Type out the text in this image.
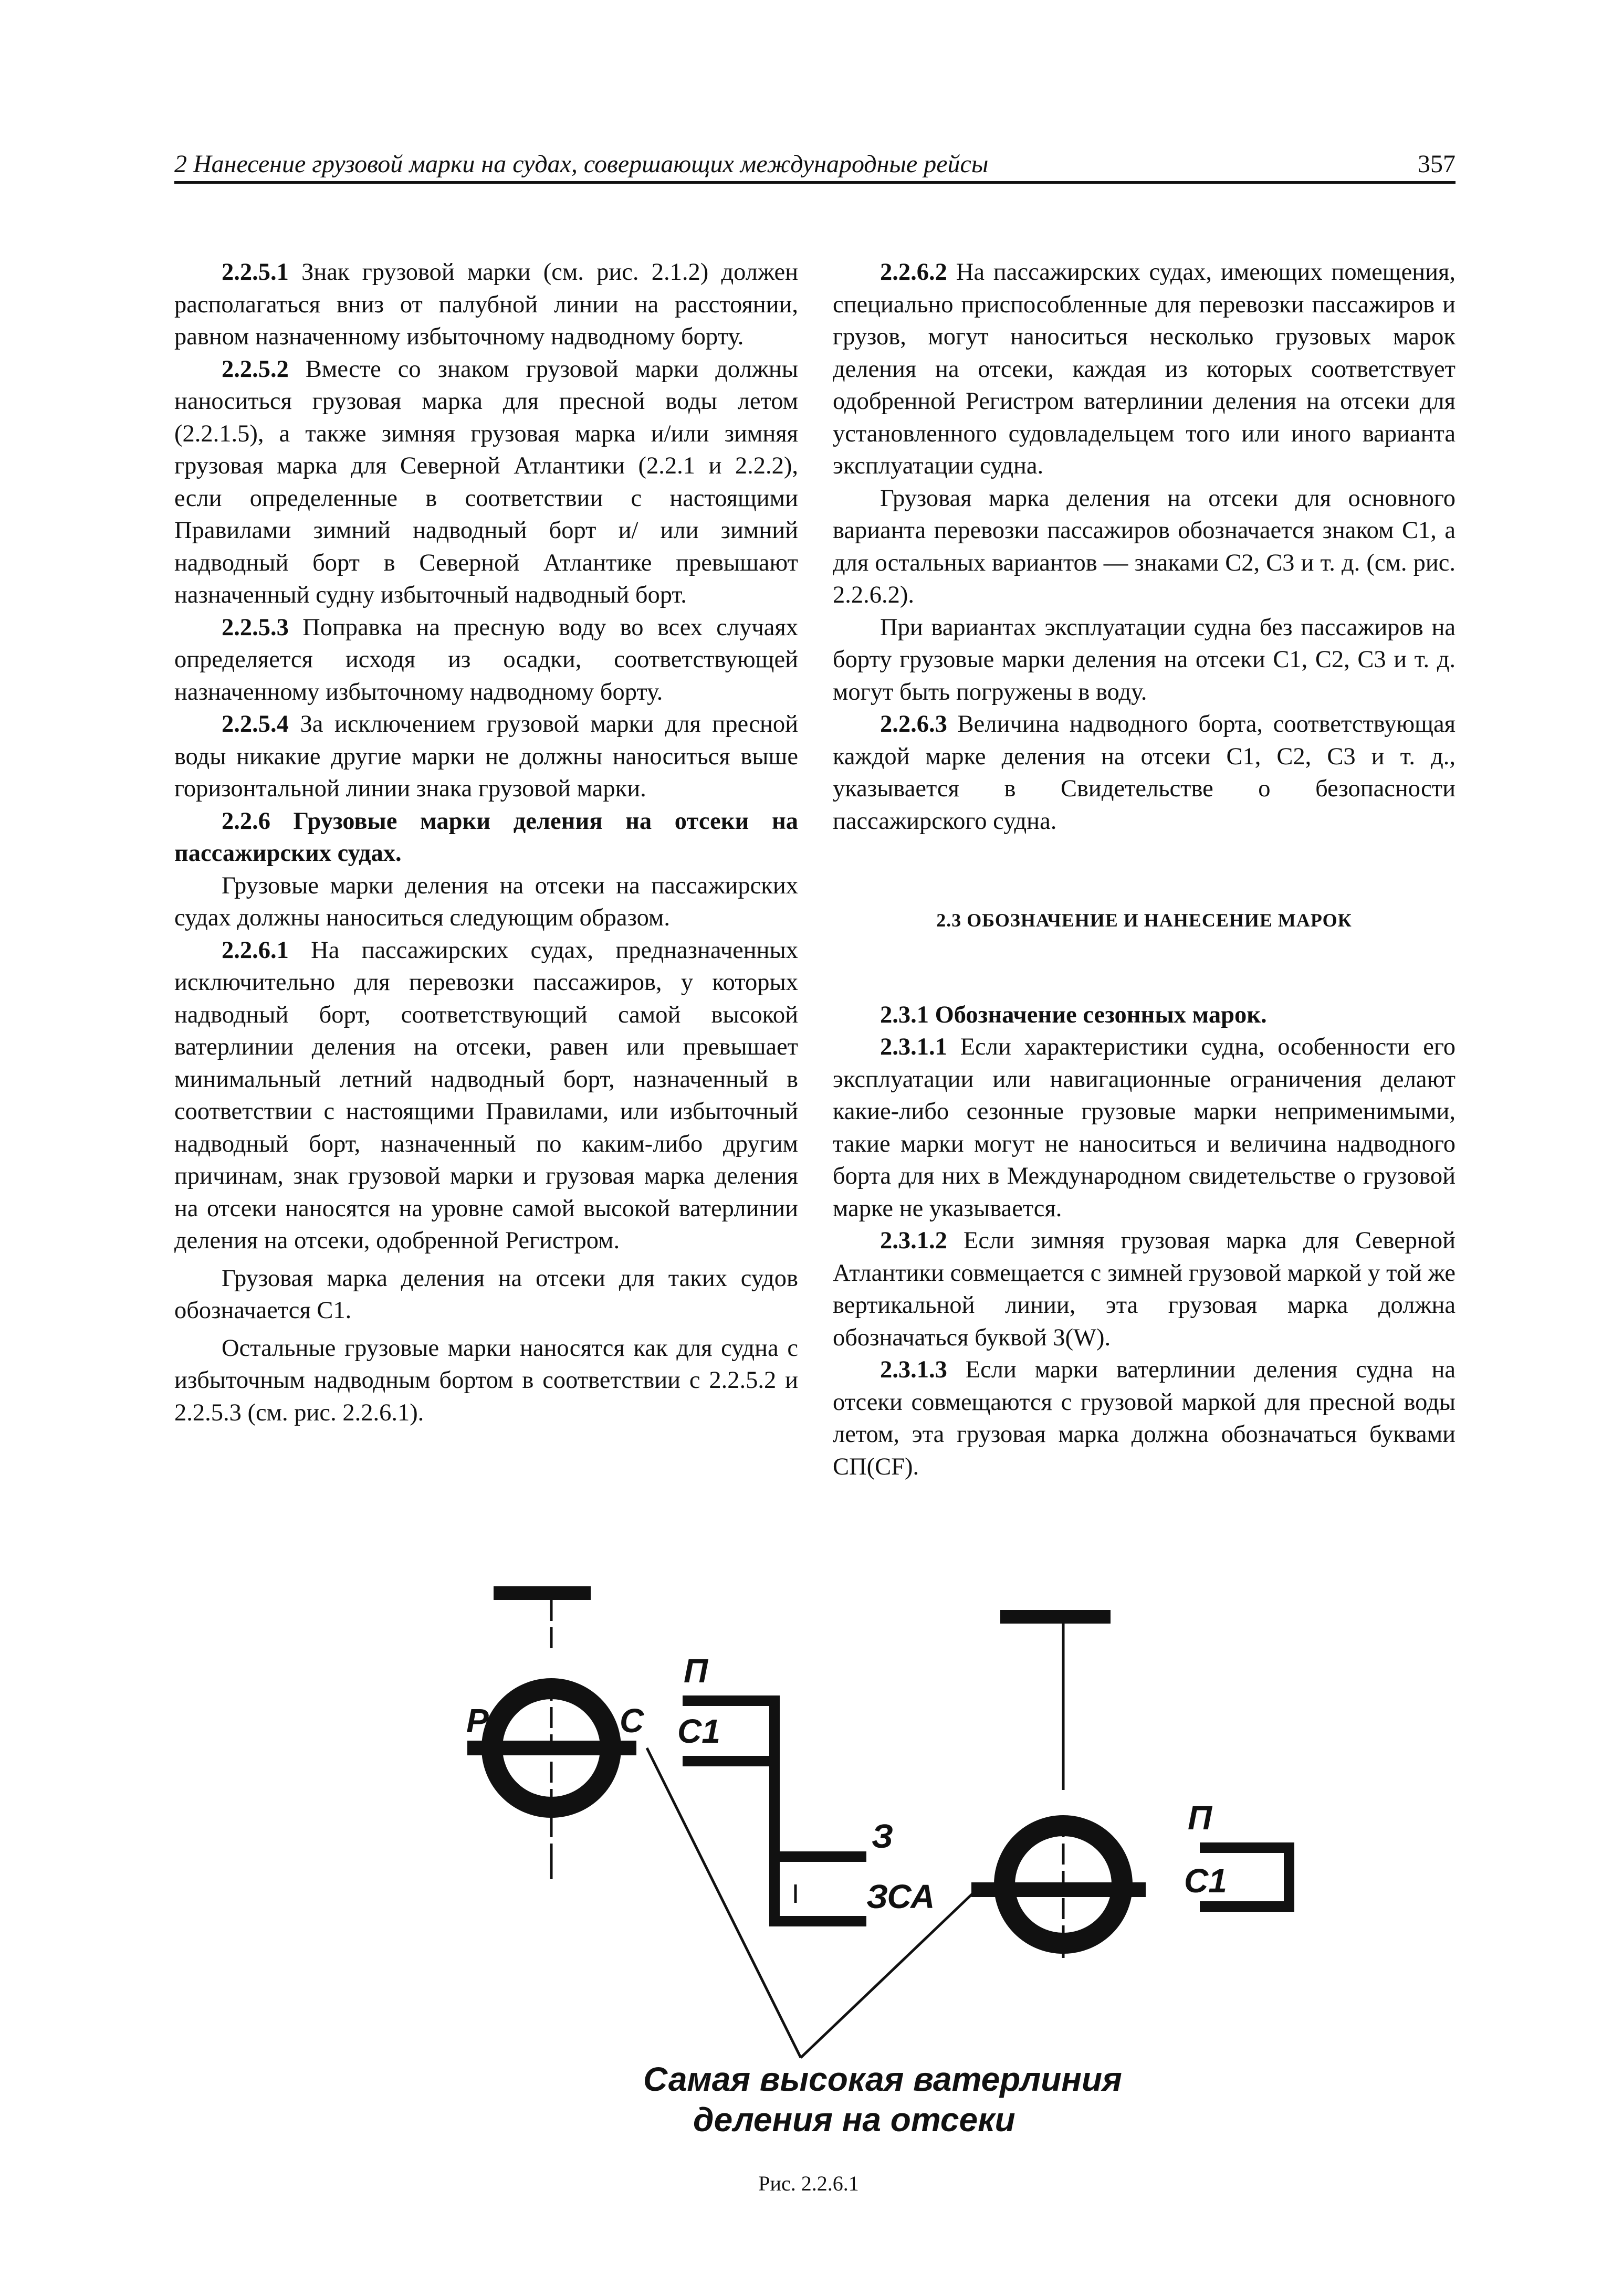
2 Нанесение грузовой марки на судах, совершающих международные рейсы	357

2.2.5.1 Знак грузовой марки (см. рис. 2.1.2) должен располагаться вниз от палубной линии на расстоянии, равном назначенному избыточному надводному борту.

2.2.5.2 Вместе со знаком грузовой марки должны наноситься грузовая марка для пресной воды летом (2.2.1.5), а также зимняя грузовая марка и/или зимняя грузовая марка для Северной Атлантики (2.2.1 и 2.2.2), если определенные в соответствии с настоящими Правилами зимний надводный борт и/ или зимний надводный борт в Северной Атлантике превышают назначенный судну избыточный надводный борт.

2.2.5.3 Поправка на пресную воду во всех случаях определяется исходя из осадки, соответствующей назначенному избыточному надводному борту.

2.2.5.4 За исключением грузовой марки для пресной воды никакие другие марки не должны наноситься выше горизонтальной линии знака грузовой марки.

2.2.6 Грузовые марки деления на отсеки на пассажирских судах.

Грузовые марки деления на отсеки на пассажирских судах должны наноситься следующим образом.

2.2.6.1 На пассажирских судах, предназначенных исключительно для перевозки пассажиров, у которых надводный борт, соответствующий самой высокой ватерлинии деления на отсеки, равен или превышает минимальный летний надводный борт, назначенный в соответствии с настоящими Правилами, или избыточный надводный борт, назначенный по каким-либо другим причинам, знак грузовой марки и грузовая марка деления на отсеки наносятся на уровне самой высокой ватерлинии деления на отсеки, одобренной Регистром.

Грузовая марка деления на отсеки для таких судов обозначается С1.

Остальные грузовые марки наносятся как для судна с избыточным надводным бортом в соответствии с 2.2.5.2 и 2.2.5.3 (см. рис. 2.2.6.1).

2.2.6.2 На пассажирских судах, имеющих помещения, специально приспособленные для перевозки пассажиров и грузов, могут наноситься несколько грузовых марок деления на отсеки, каждая из которых соответствует одобренной Регистром ватерлинии деления на отсеки для установленного судовладельцем того или иного варианта эксплуатации судна.

Грузовая марка деления на отсеки для основного варианта перевозки пассажиров обозначается знаком С1, а для остальных вариантов — знаками С2, С3 и т. д. (см. рис. 2.2.6.2).

При вариантах эксплуатации судна без пассажиров на борту грузовые марки деления на отсеки С1, С2, С3 и т. д. могут быть погружены в воду.

2.2.6.3 Величина надводного борта, соответствующая каждой марке деления на отсеки С1, С2, С3 и т. д., указывается в Свидетельстве о безопасности пассажирского судна.

2.3 ОБОЗНАЧЕНИЕ И НАНЕСЕНИЕ МАРОК

2.3.1 Обозначение сезонных марок.

2.3.1.1 Если характеристики судна, особенности его эксплуатации или навигационные ограничения делают какие-либо сезонные грузовые марки неприменимыми, такие марки могут не наноситься и величина надводного борта для них в Международном свидетельстве о грузовой марке не указывается.

2.3.1.2 Если зимняя грузовая марка для Северной Атлантики совмещается с зимней грузовой маркой у той же вертикальной линии, эта грузовая марка должна обозначаться буквой З(W).

2.3.1.3 Если марки ватерлинии деления судна на отсеки совмещаются с грузовой маркой для пресной воды летом, эта грузовая марка должна обозначаться буквами СП(CF).

Р	С
П
С1
З
ЗСА
П
С1
Самая высокая ватерлиния
деления на отсеки
Рис. 2.2.6.1
